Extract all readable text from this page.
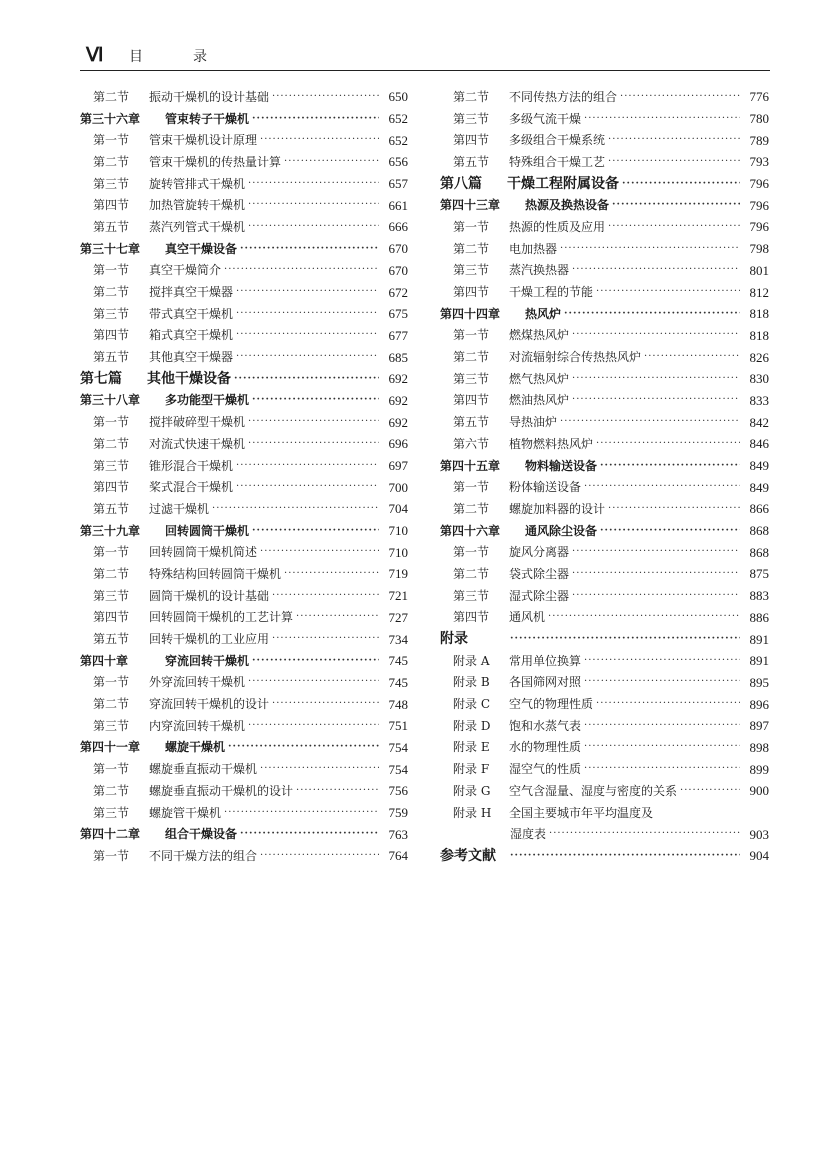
Ⅵ 目录
第二节	振动干燥机的设计基础 ·····	650
第三十六章	管束转子干燥机 ·····	652
第一节	管束干燥机设计原理 ·····	652
第二节	管束干燥机的传热量计算 ·····	656
第三节	旋转管排式干燥机 ·····	657
第四节	加热管旋转干燥机 ·····	661
第五节	蒸汽列管式干燥机 ·····	666
第三十七章	真空干燥设备 ·····	670
第一节	真空干燥简介 ·····	670
第二节	搅拌真空干燥器 ·····	672
第三节	带式真空干燥机 ·····	675
第四节	箱式真空干燥机 ·····	677
第五节	其他真空干燥器 ·····	685
第七篇	其他干燥设备 ·····	692
第三十八章	多功能型干燥机 ·····	692
第一节	搅拌破碎型干燥机 ·····	692
第二节	对流式快速干燥机 ·····	696
第三节	锥形混合干燥机 ·····	697
第四节	桨式混合干燥机 ·····	700
第五节	过滤干燥机 ·····	704
第三十九章	回转圆筒干燥机 ·····	710
第一节	回转圆筒干燥机简述 ·····	710
第二节	特殊结构回转圆筒干燥机 ·····	719
第三节	圆筒干燥机的设计基础 ·····	721
第四节	回转圆筒干燥机的工艺计算 ·····	727
第五节	回转干燥机的工业应用 ·····	734
第四十章	穿流回转干燥机 ·····	745
第一节	外穿流回转干燥机 ·····	745
第二节	穿流回转干燥机的设计 ·····	748
第三节	内穿流回转干燥机 ·····	751
第四十一章	螺旋干燥机 ·····	754
第一节	螺旋垂直振动干燥机 ·····	754
第二节	螺旋垂直振动干燥机的设计 ·····	756
第三节	螺旋管干燥机 ·····	759
第四十二章	组合干燥设备 ·····	763
第一节	不同干燥方法的组合 ·····	764
第二节	不同传热方法的组合 ·····	776
第三节	多级气流干燥 ·····	780
第四节	多级组合干燥系统 ·····	789
第五节	特殊组合干燥工艺 ·····	793
第八篇	干燥工程附属设备 ·····	796
第四十三章	热源及换热设备 ·····	796
第一节	热源的性质及应用 ·····	796
第二节	电加热器 ·····	798
第三节	蒸汽换热器 ·····	801
第四节	干燥工程的节能 ·····	812
第四十四章	热风炉 ·····	818
第一节	燃煤热风炉 ·····	818
第二节	对流辐射综合传热热风炉 ·····	826
第三节	燃气热风炉 ·····	830
第四节	燃油热风炉 ·····	833
第五节	导热油炉 ·····	842
第六节	植物燃料热风炉 ·····	846
第四十五章	物料输送设备 ·····	849
第一节	粉体输送设备 ·····	849
第二节	螺旋加料器的设计 ·····	866
第四十六章	通风除尘设备 ·····	868
第一节	旋风分离器 ·····	868
第二节	袋式除尘器 ·····	875
第三节	湿式除尘器 ·····	883
第四节	通风机 ·····	886
附录 ·····	891
附录 A	常用单位换算 ·····	891
附录 B	各国筛网对照 ·····	895
附录 C	空气的物理性质 ·····	896
附录 D	饱和水蒸气表 ·····	897
附录 E	水的物理性质 ·····	898
附录 F	湿空气的性质 ·····	899
附录 G	空气含湿量、湿度与密度的关系 ·····	900
附录 H	全国主要城市年平均温度及
湿度表 ·····	903
参考文献 ·····	904
